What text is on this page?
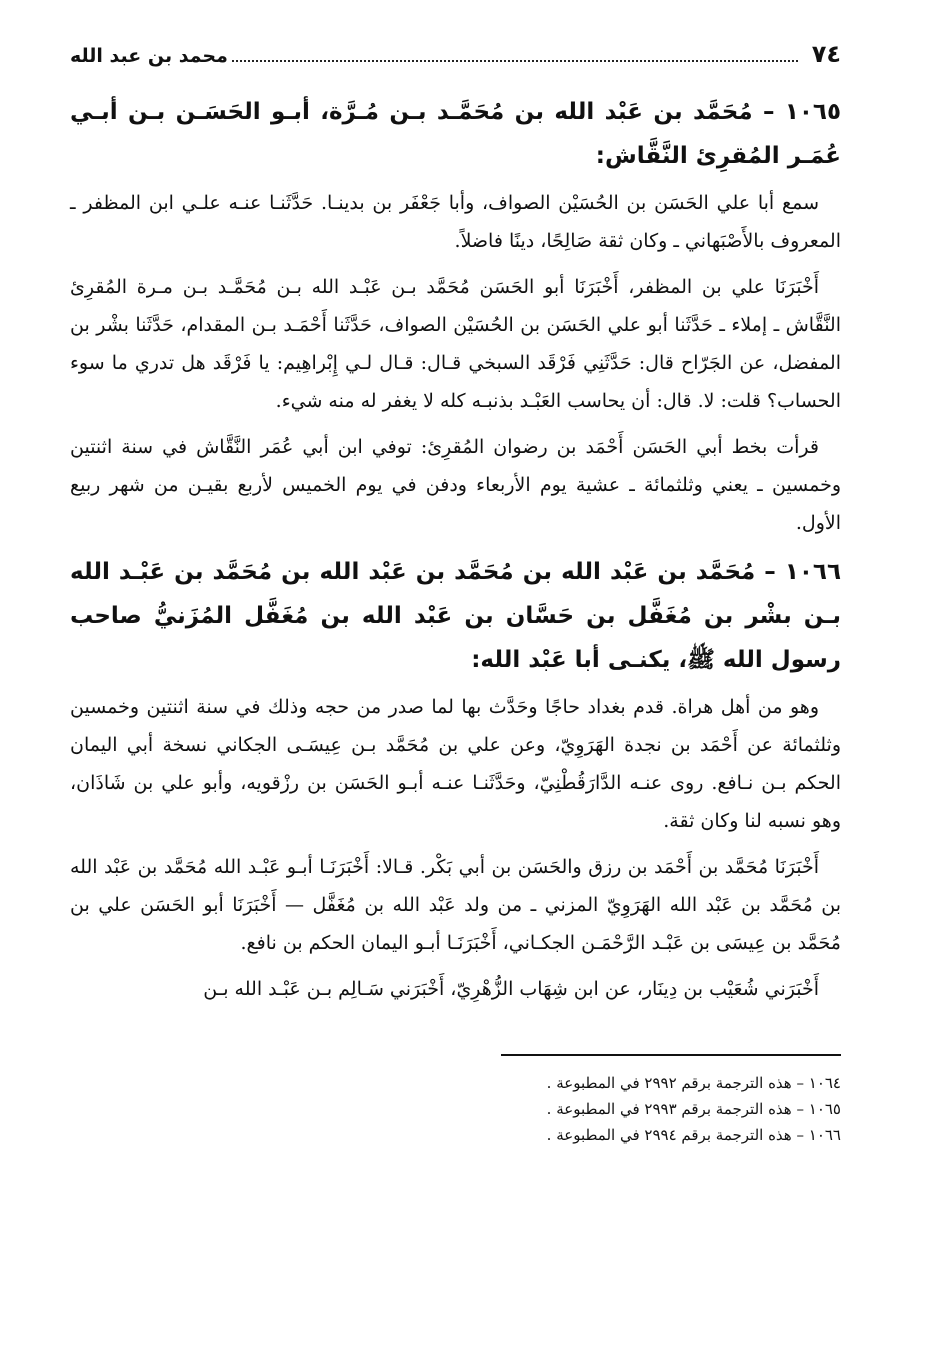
٧٤
محمد بن عبد الله
١٠٦٥ – مُحَمَّد بن عَبْد الله بن مُحَمَّـد بـن مُـرَّة، أبـو الحَسَـن بـن أبـي عُمَـر المُقرِئ النَّقَّاش:

سمع أبا علي الحَسَن بن الحُسَيْن الصواف، وأبا جَعْفَر بن بدينـا. حَدَّثَنـا عنـه علـي ابن المظفر ـ المعروف بالأَصْبَهاني ـ وكان ثقة صَالِحًا، دينًا فاضلاً.

أَخْبَرَنَا علي بن المظفر، أَخْبَرَنَا أبو الحَسَن مُحَمَّد بـن عَبْـد الله بـن مُحَمَّـد بـن مـرة المُقرِئ النَّقَّاش ـ إملاء ـ حَدَّثَنا أبو علي الحَسَن بن الحُسَيْن الصواف، حَدَّثَنا أَحْمَـد بـن المقدام، حَدَّثَنا بشْر بن المفضل، عن الجَرّاح قال: حَدَّثَنِي فَرْقَد السبخي قـال: قـال لـي إِبْراهِيم: يا فَرْقَد هل تدري ما سوء الحساب؟ قلت: لا. قال: أن يحاسب العَبْـد بذنبـه كله لا يغفر له منه شيء.

قرأت بخط أبي الحَسَن أَحْمَد بن رضوان المُقرِئ: توفي ابن أبي عُمَر النَّقَّاش في سنة اثنتين وخمسين ـ يعني وثلثمائة ـ عشية يوم الأربعاء ودفن في يوم الخميس لأربع بقيـن من شهر ربيع الأول.

١٠٦٦ – مُحَمَّد بن عَبْد الله بن مُحَمَّد بن عَبْد الله بن مُحَمَّد بن عَبْـد الله بـن بشْر بن مُغَفَّل بن حَسَّان بن عَبْد الله بن مُغَفَّل المُزَنيُّ صاحب رسول الله ﷺ، يكنـى أبا عَبْد الله:

وهو من أهل هراة. قدم بغداد حاجًا وحَدَّث بها لما صدر من حجه وذلك في سنة اثنتين وخمسين وثلثمائة عن أَحْمَد بن نجدة الهَرَوِيّ، وعن علي بن مُحَمَّد بـن عِيسَـى الجكاني نسخة أبي اليمان الحكم بـن نـافع. روى عنـه الدَّارَقُطْنِيّ، وحَدَّثَنـا عنـه أبـو الحَسَن بن رزْقويه، وأبو علي بن شَاذَان، وهو نسبه لنا وكان ثقة.

أَخْبَرَنَا مُحَمَّد بن أَحْمَد بن رزق والحَسَن بن أبي بَكْر. قـالا: أَخْبَرَنَـا أبـو عَبْـد الله مُحَمَّد بن عَبْد الله بن مُحَمَّد بن عَبْد الله الهَرَوِيّ المزني ـ من ولد عَبْد الله بن مُغَفَّل — أَخْبَرَنَا أبو الحَسَن علي بن مُحَمَّد بن عِيسَى بن عَبْـد الرَّحْمَـن الجكـاني، أَخْبَرَنَـا أبـو اليمان الحكم بن نافع.

أَخْبَرَني شُعَيْب بن دِينَار، عن ابن شِهَاب الزُّهْرِيّ، أَخْبَرَني سَـالِم بـن عَبْـد الله بـن

١٠٦٤ – هذه الترجمة برقم ٢٩٩٢ في المطبوعة .

١٠٦٥ – هذه الترجمة برقم ٢٩٩٣ في المطبوعة .

١٠٦٦ – هذه الترجمة برقم ٢٩٩٤ في المطبوعة .
